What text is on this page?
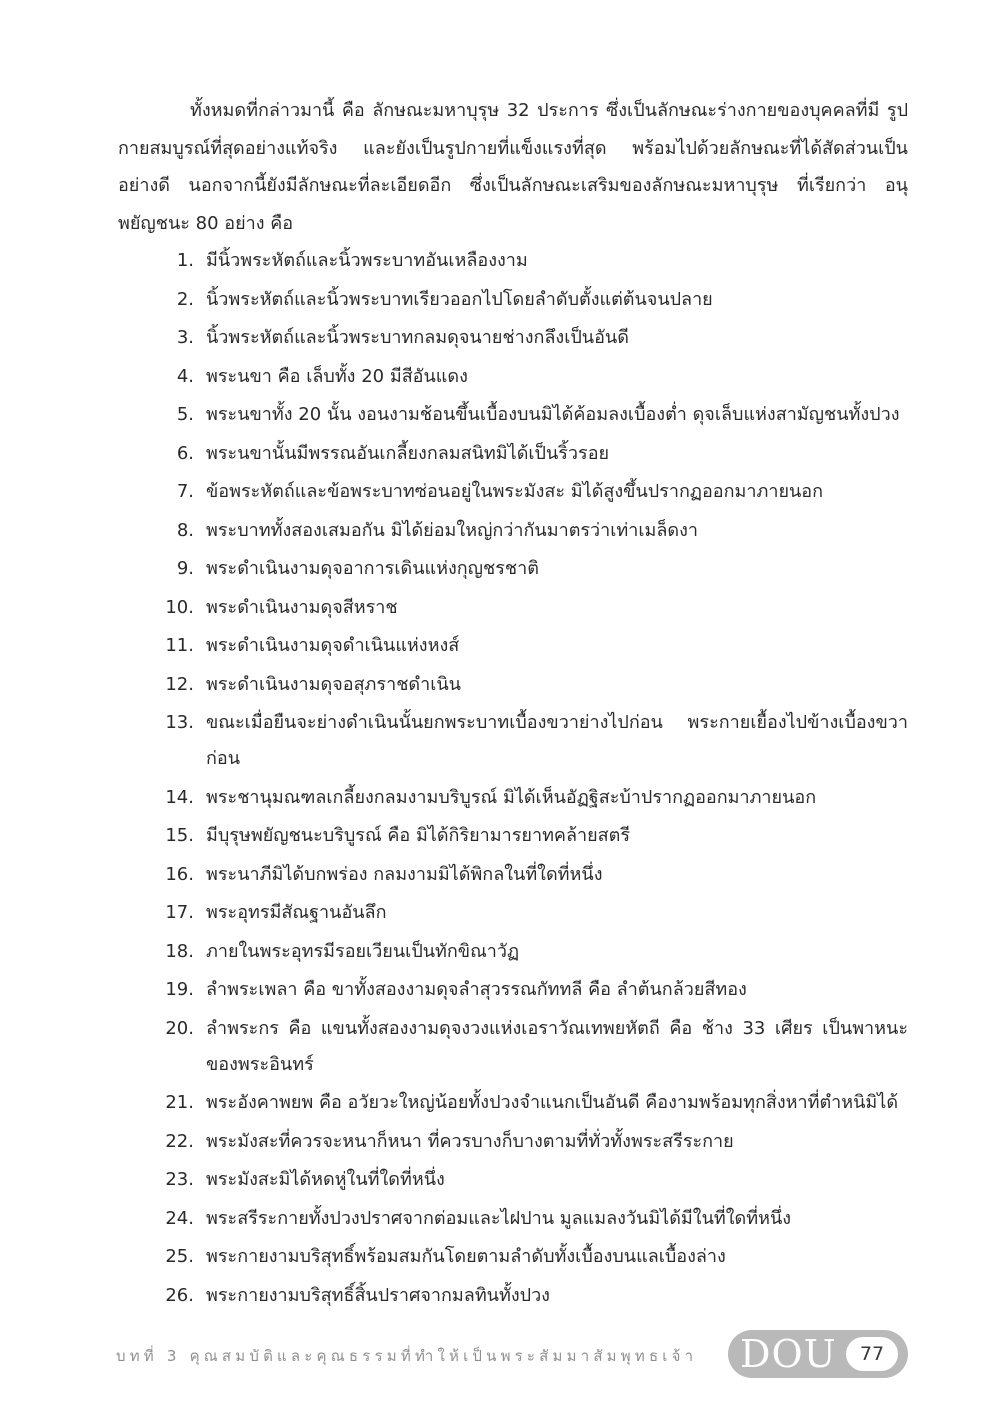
ทั้งหมดที่กล่าวมานี้ คือ ลักษณะมหาบุรุษ 32 ประการ ซึ่งเป็นลักษณะร่างกายของบุคคลที่มี รูปกายสมบูรณ์ที่สุดอย่างแท้จริง และยังเป็นรูปกายที่แข็งแรงที่สุด พร้อมไปด้วยลักษณะที่ได้สัดส่วนเป็นอย่างดี นอกจากนี้ยังมีลักษณะที่ละเอียดอีก ซึ่งเป็นลักษณะเสริมของลักษณะมหาบุรุษ ที่เรียกว่า อนุพยัญชนะ 80 อย่าง คือ

1. มีนิ้วพระหัตถ์และนิ้วพระบาทอันเหลืองงาม
2. นิ้วพระหัตถ์และนิ้วพระบาทเรียวออกไปโดยลำดับตั้งแต่ต้นจนปลาย
3. นิ้วพระหัตถ์และนิ้วพระบาทกลมดุจนายช่างกลึงเป็นอันดี
4. พระนขา คือ เล็บทั้ง 20 มีสีอันแดง
5. พระนขาทั้ง 20 นั้น งอนงามช้อนขึ้นเบื้องบนมิได้ค้อมลงเบื้องต่ำ ดุจเล็บแห่งสามัญชนทั้งปวง
6. พระนขานั้นมีพรรณอันเกลี้ยงกลมสนิทมิได้เป็นริ้วรอย
7. ข้อพระหัตถ์และข้อพระบาทซ่อนอยู่ในพระมังสะ มิได้สูงขึ้นปรากฏออกมาภายนอก
8. พระบาททั้งสองเสมอกัน มิได้ย่อมใหญ่กว่ากันมาตรว่าเท่าเมล็ดงา
9. พระดำเนินงามดุจอาการเดินแห่งกุญชรชาติ
10. พระดำเนินงามดุจสีหราช
11. พระดำเนินงามดุจดำเนินแห่งหงส์
12. พระดำเนินงามดุจอสุภราชดำเนิน
13. ขณะเมื่อยืนจะย่างดำเนินนั้นยกพระบาทเบื้องขวาย่างไปก่อน พระกายเยื้องไปข้างเบื้องขวาก่อน
14. พระชานุมณฑลเกลี้ยงกลมงามบริบูรณ์ มิได้เห็นอัฏฐิสะบ้าปรากฏออกมาภายนอก
15. มีบุรุษพยัญชนะบริบูรณ์ คือ มิได้กิริยามารยาทคล้ายสตรี
16. พระนาภีมิได้บกพร่อง กลมงามมิได้พิกลในที่ใดที่หนึ่ง
17. พระอุทรมีสัณฐานอันลึก
18. ภายในพระอุทรมีรอยเวียนเป็นทักขิณาวัฏ
19. ลำพระเพลา คือ ขาทั้งสองงามดุจลำสุวรรณกัททลี คือ ลำต้นกล้วยสีทอง
20. ลำพระกร คือ แขนทั้งสองงามดุจงวงแห่งเอราวัณเทพยหัตถี คือ ช้าง 33 เศียร เป็นพาหนะของพระอินทร์
21. พระอังคาพยพ คือ อวัยวะใหญ่น้อยทั้งปวงจำแนกเป็นอันดี คืองามพร้อมทุกสิ่งหาที่ตำหนิมิได้
22. พระมังสะที่ควรจะหนาก็หนา ที่ควรบางก็บางตามที่ทั่วทั้งพระสรีระกาย
23. พระมังสะมิได้หดหู่ในที่ใดที่หนึ่ง
24. พระสรีระกายทั้งปวงปราศจากต่อมและไฝปาน มูลแมลงวันมิได้มีในที่ใดที่หนึ่ง
25. พระกายงามบริสุทธิ์พร้อมสมกันโดยตามลำดับทั้งเบื้องบนแลเบื้องล่าง
26. พระกายงามบริสุทธิ์สิ้นปราศจากมลทินทั้งปวง
บทที่ 3 คุณสมบัติและคุณธรรมที่ทำให้เป็นพระสัมมาสัมพุทธเจ้า DOU	77
